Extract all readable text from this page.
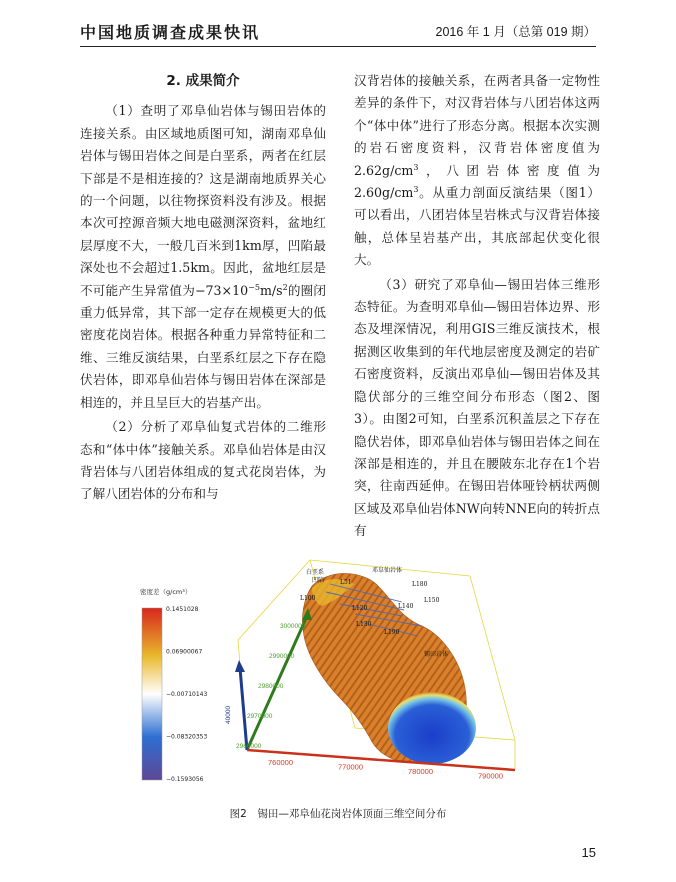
中国地质调查成果快讯	2016 年 1 月（总第 019 期）
2. 成果简介

（1）查明了邓阜仙岩体与锡田岩体的连接关系。由区域地质图可知，湖南邓阜仙岩体与锡田岩体之间是白垩系，两者在红层下部是不是相连接的？这是湖南地质界关心的一个问题，以往物探资料没有涉及。根据本次可控源音频大地电磁测深资料，盆地红层厚度不大，一般几百米到1km厚，凹陷最深处也不会超过1.5km。因此，盆地红层是不可能产生异常值为$-73\times 10^{-5}m/s^2$的圈闭重力低异常，其下部一定存在规模更大的低密度花岗岩体。根据各种重力异常特征和二维、三维反演结果，白垩系红层之下存在隐伏岩体，即邓阜仙岩体与锡田岩体在深部是相连的，并且呈巨大的岩基产出。

（2）分析了邓阜仙复式岩体的二维形态和“体中体”接触关系。邓阜仙岩体是由汉背岩体与八团岩体组成的复式花岗岩体，为了解八团岩体的分布和与

汉背岩体的接触关系，在两者具备一定物性差异的条件下，对汉背岩体与八团岩体这两个“体中体”进行了形态分离。根据本次实测的岩石密度资料，汉背岩体密度值为$2.62g/cm^3$，八团岩体密度值为$2.60g/cm^3$。从重力剖面反演结果（图1）可以看出，八团岩体呈岩株式与汉背岩体接触，总体呈岩基产出，其底部起伏变化很大。

（3）研究了邓阜仙—锡田岩体三维形态特征。为查明邓阜仙—锡田岩体边界、形态及埋深情况，利用GIS三维反演技术，根据测区收集到的年代地层密度及测定的岩矿石密度资料，反演出邓阜仙—锡田岩体及其隐伏部分的三维空间分布形态（图2、图3）。由图2可知，白垩系沉积盖层之下存在隐伏岩体，即邓阜仙岩体与锡田岩体之间在深部是相连的，并且在腰陂东北存在1个岩突，往南西延伸。在锡田岩体哑铃柄状两侧区域及邓阜仙岩体NW向转NNE向的转折点有

密度差（g/cm³）
0.1451028
0.06900067
−0.00710143
−0.08320353
−0.1593056
白垩系
凹陷
邓阜仙岩体
锡田岩体
L51
L100
L120
L130
L140
L150
L180
L190
760000	770000	780000	790000
3000000
2990000
2980000
2970000
2960000
40000
图2　锡田—邓阜仙花岗岩体顶面三维空间分布
15
